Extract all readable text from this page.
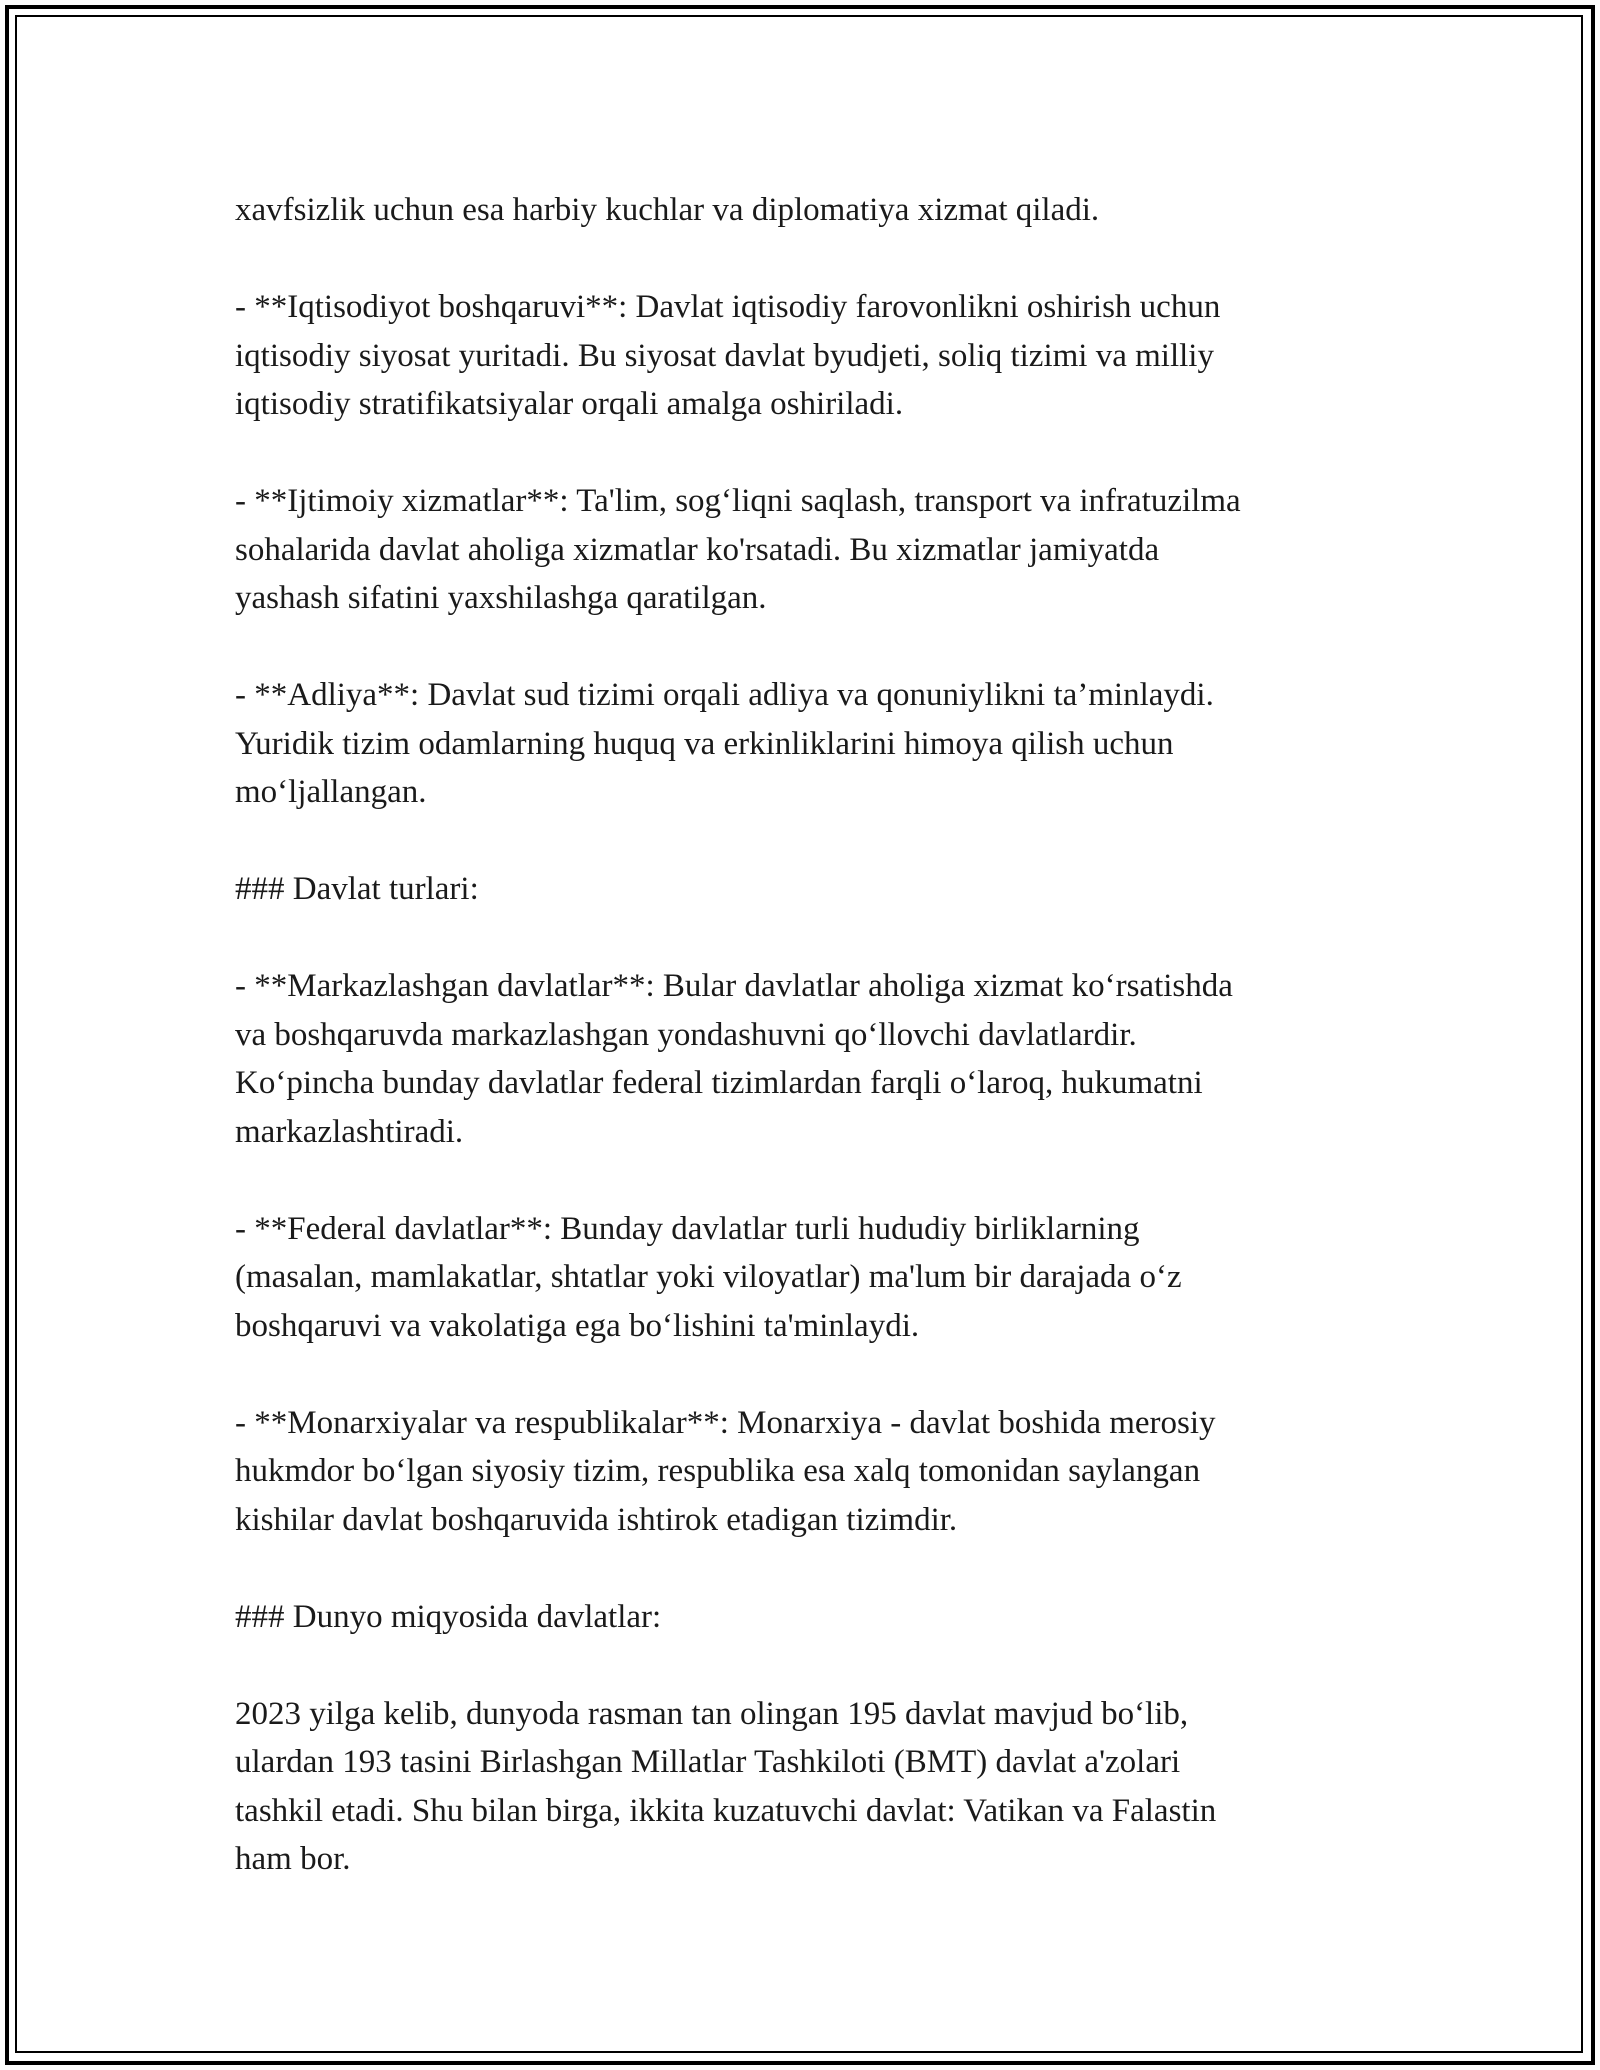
xavfsizlik uchun esa harbiy kuchlar va diplomatiya xizmat qiladi.

- **Iqtisodiyot boshqaruvi**: Davlat iqtisodiy farovonlikni oshirish uchun
iqtisodiy siyosat yuritadi. Bu siyosat davlat byudjeti, soliq tizimi va milliy
iqtisodiy stratifikatsiyalar orqali amalga oshiriladi.

- **Ijtimoiy xizmatlar**: Ta'lim, sog‘liqni saqlash, transport va infratuzilma
sohalarida davlat aholiga xizmatlar ko'rsatadi. Bu xizmatlar jamiyatda
yashash sifatini yaxshilashga qaratilgan.

- **Adliya**: Davlat sud tizimi orqali adliya va qonuniylikni ta’minlaydi.
Yuridik tizim odamlarning huquq va erkinliklarini himoya qilish uchun
mo‘ljallangan.

### Davlat turlari:

- **Markazlashgan davlatlar**: Bular davlatlar aholiga xizmat ko‘rsatishda
va boshqaruvda markazlashgan yondashuvni qo‘llovchi davlatlardir.
Ko‘pincha bunday davlatlar federal tizimlardan farqli o‘laroq, hukumatni
markazlashtiradi.

- **Federal davlatlar**: Bunday davlatlar turli hududiy birliklarning
(masalan, mamlakatlar, shtatlar yoki viloyatlar) ma'lum bir darajada o‘z
boshqaruvi va vakolatiga ega bo‘lishini ta'minlaydi.

- **Monarxiyalar va respublikalar**: Monarxiya - davlat boshida merosiy
hukmdor bo‘lgan siyosiy tizim, respublika esa xalq tomonidan saylangan
kishilar davlat boshqaruvida ishtirok etadigan tizimdir.

### Dunyo miqyosida davlatlar:

2023 yilga kelib, dunyoda rasman tan olingan 195 davlat mavjud bo‘lib,
ulardan 193 tasini Birlashgan Millatlar Tashkiloti (BMT) davlat a'zolari
tashkil etadi. Shu bilan birga, ikkita kuzatuvchi davlat: Vatikan va Falastin
ham bor.
